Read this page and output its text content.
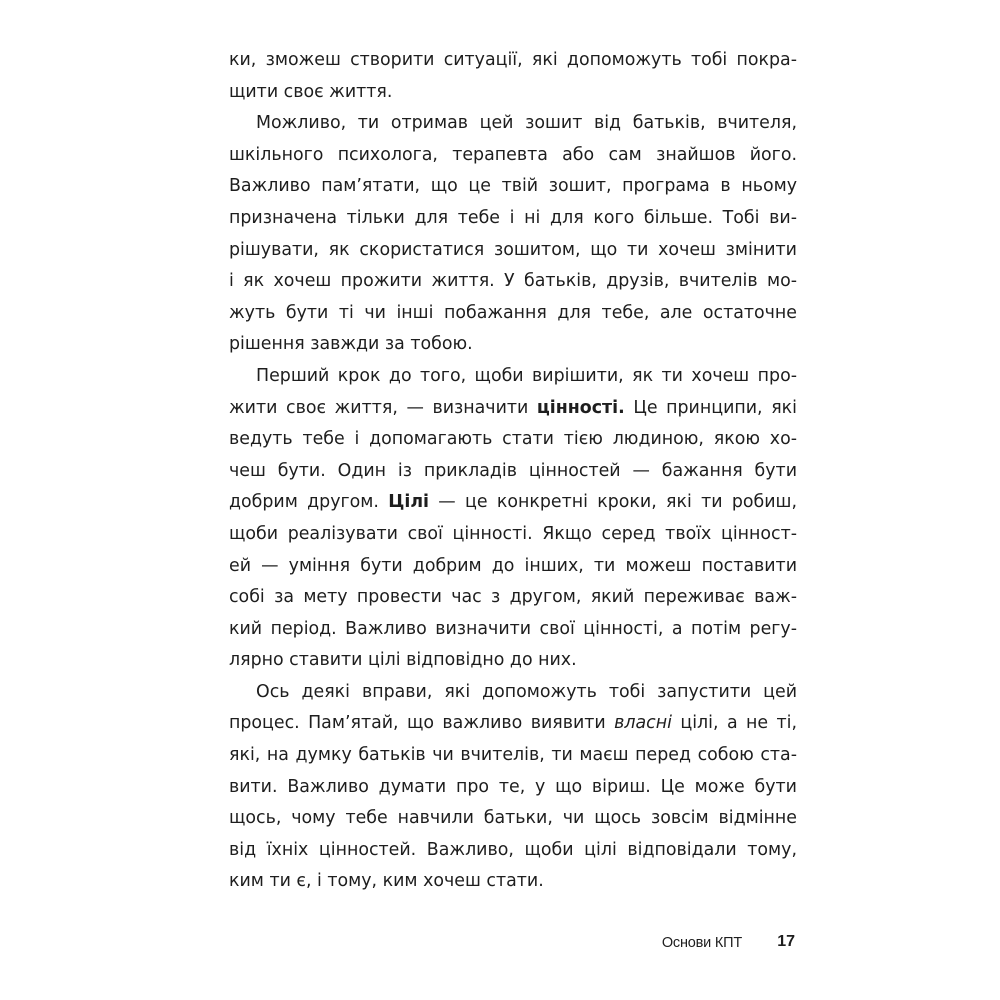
ки, зможеш створити ситуації, які допоможуть тобі покра-
щити своє життя.
Можливо, ти отримав цей зошит від батьків, вчителя,
шкільного психолога, терапевта або сам знайшов його.
Важливо пам’ятати, що це твій зошит, програма в ньому
призначена тільки для тебе і ні для кого більше. Тобі ви-
рішувати, як скористатися зошитом, що ти хочеш змінити
і як хочеш прожити життя. У батьків, друзів, вчителів мо-
жуть бути ті чи інші побажання для тебе, але остаточне
рішення завжди за тобою.
Перший крок до того, щоби вирішити, як ти хочеш про-
жити своє життя, — визначити цінності. Це принципи, які
ведуть тебе і допомагають стати тією людиною, якою хо-
чеш бути. Один із прикладів цінностей — бажання бути
добрим другом. Цілі — це конкретні кроки, які ти робиш,
щоби реалізувати свої цінності. Якщо серед твоїх цінност-
ей — уміння бути добрим до інших, ти можеш поставити
собі за мету провести час з другом, який переживає важ-
кий період. Важливо визначити свої цінності, а потім регу-
лярно ставити цілі відповідно до них.
Ось деякі вправи, які допоможуть тобі запустити цей
процес. Пам’ятай, що важливо виявити власні цілі, а не ті,
які, на думку батьків чи вчителів, ти маєш перед собою ста-
вити. Важливо думати про те, у що віриш. Це може бути
щось, чому тебе навчили батьки, чи щось зовсім відмінне
від їхніх цінностей. Важливо, щоби цілі відповідали тому,
ким ти є, і тому, ким хочеш стати.
Основи КПТ 17
